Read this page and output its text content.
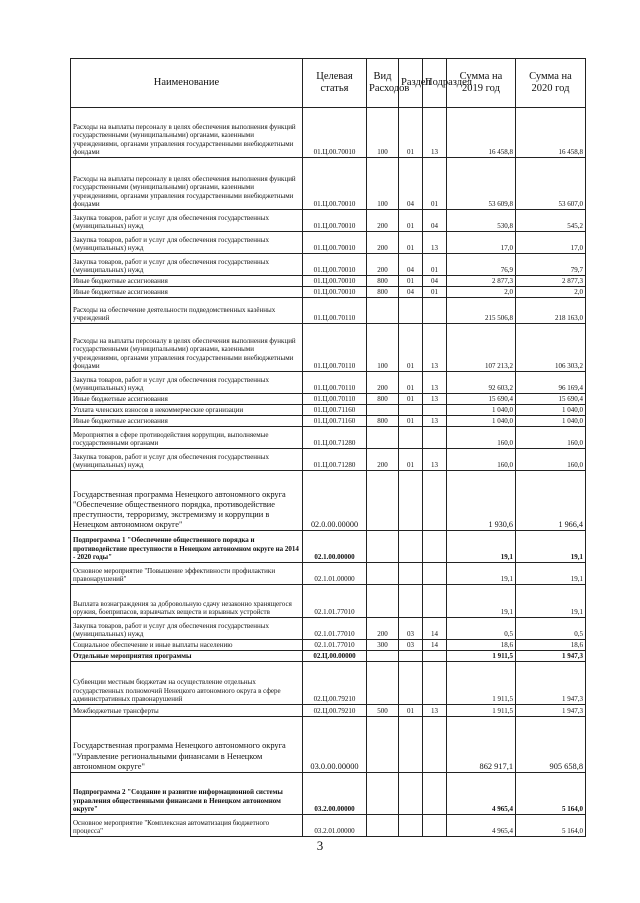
Наименование	Целевая статья	Вид Расходов	Раздел	Подраздел	Сумма на 2019 год	Сумма на 2020 год
Расходы на выплаты персоналу в целях обеспечения выполнения функций государственными (муниципальными) органами, казенными учреждениями, органами управления государственными внебюджетными фондами	01.Ц.00.70010	100	01	13	16 458,8	16 458,8
Расходы на выплаты персоналу в целях обеспечения выполнения функций государственными (муниципальными) органами, казенными учреждениями, органами управления государственными внебюджетными фондами	01.Ц.00.70010	100	04	01	53 609,8	53 607,0
Закупка товаров, работ и услуг для обеспечения государственных (муниципальных) нужд	01.Ц.00.70010	200	01	04	530,8	545,2
Закупка товаров, работ и услуг для обеспечения государственных (муниципальных) нужд	01.Ц.00.70010	200	01	13	17,0	17,0
Закупка товаров, работ и услуг для обеспечения государственных (муниципальных) нужд	01.Ц.00.70010	200	04	01	76,9	79,7
Иные бюджетные ассигнования	01.Ц.00.70010	800	01	04	2 877,3	2 877,3
Иные бюджетные ассигнования	01.Ц.00.70010	800	04	01	2,0	2,0
Расходы на обеспечение деятельности подведомственных казённых учреждений	01.Ц.00.70110				215 506,8	218 163,0
Расходы на выплаты персоналу в целях обеспечения выполнения функций государственными (муниципальными) органами, казенными учреждениями, органами управления государственными внебюджетными фондами	01.Ц.00.70110	100	01	13	107 213,2	106 303,2
Закупка товаров, работ и услуг для обеспечения государственных (муниципальных) нужд	01.Ц.00.70110	200	01	13	92 603,2	96 169,4
Иные бюджетные ассигнования	01.Ц.00.70110	800	01	13	15 690,4	15 690,4
Уплата членских взносов в некоммерческие организации	01.Ц.00.71160				1 040,0	1 040,0
Иные бюджетные ассигнования	01.Ц.00.71160	800	01	13	1 040,0	1 040,0
Мероприятия в сфере противодействия коррупции, выполняемые государственными органами	01.Ц.00.71280				160,0	160,0
Закупка товаров, работ и услуг для обеспечения государственных (муниципальных) нужд	01.Ц.00.71280	200	01	13	160,0	160,0
Государственная программа Ненецкого автономного округа "Обеспечение общественного порядка, противодействие преступности, терроризму, экстремизму и коррупции в Ненецком автономном округе"	02.0.00.00000				1 930,6	1 966,4
Подпрограмма 1 "Обеспечение общественного порядка и противодействие преступности в Ненецком автономном округе на 2014 - 2020 годы"	02.1.00.00000				19,1	19,1
Основное мероприятие "Повышение эффективности профилактики правонарушений"	02.1.01.00000				19,1	19,1
Выплата вознаграждения за добровольную сдачу незаконно хранящегося оружия, боеприпасов, взрывчатых веществ и взрывных устройств	02.1.01.77010				19,1	19,1
Закупка товаров, работ и услуг для обеспечения государственных (муниципальных) нужд	02.1.01.77010	200	03	14	0,5	0,5
Социальное обеспечение и иные выплаты населению	02.1.01.77010	300	03	14	18,6	18,6
Отдельные мероприятия программы	02.Ц.00.00000				1 911,5	1 947,3
Субвенции местным бюджетам на осуществление отдельных государственных полномочий Ненецкого автономного округа в сфере административных правонарушений	02.Ц.00.79210				1 911,5	1 947,3
Межбюджетные трансферты	02.Ц.00.79210	500	01	13	1 911,5	1 947,3
Государственная программа Ненецкого автономного округа "Управление региональными финансами в Ненецком автономном округе"	03.0.00.00000				862 917,1	905 658,8
Подпрограмма 2 "Создание и развитие информационной системы управления общественными финансами в Ненецком автономном округе"	03.2.00.00000				4 965,4	5 164,0
Основное мероприятие "Комплексная автоматизация бюджетного процесса"	03.2.01.00000				4 965,4	5 164,0
3
